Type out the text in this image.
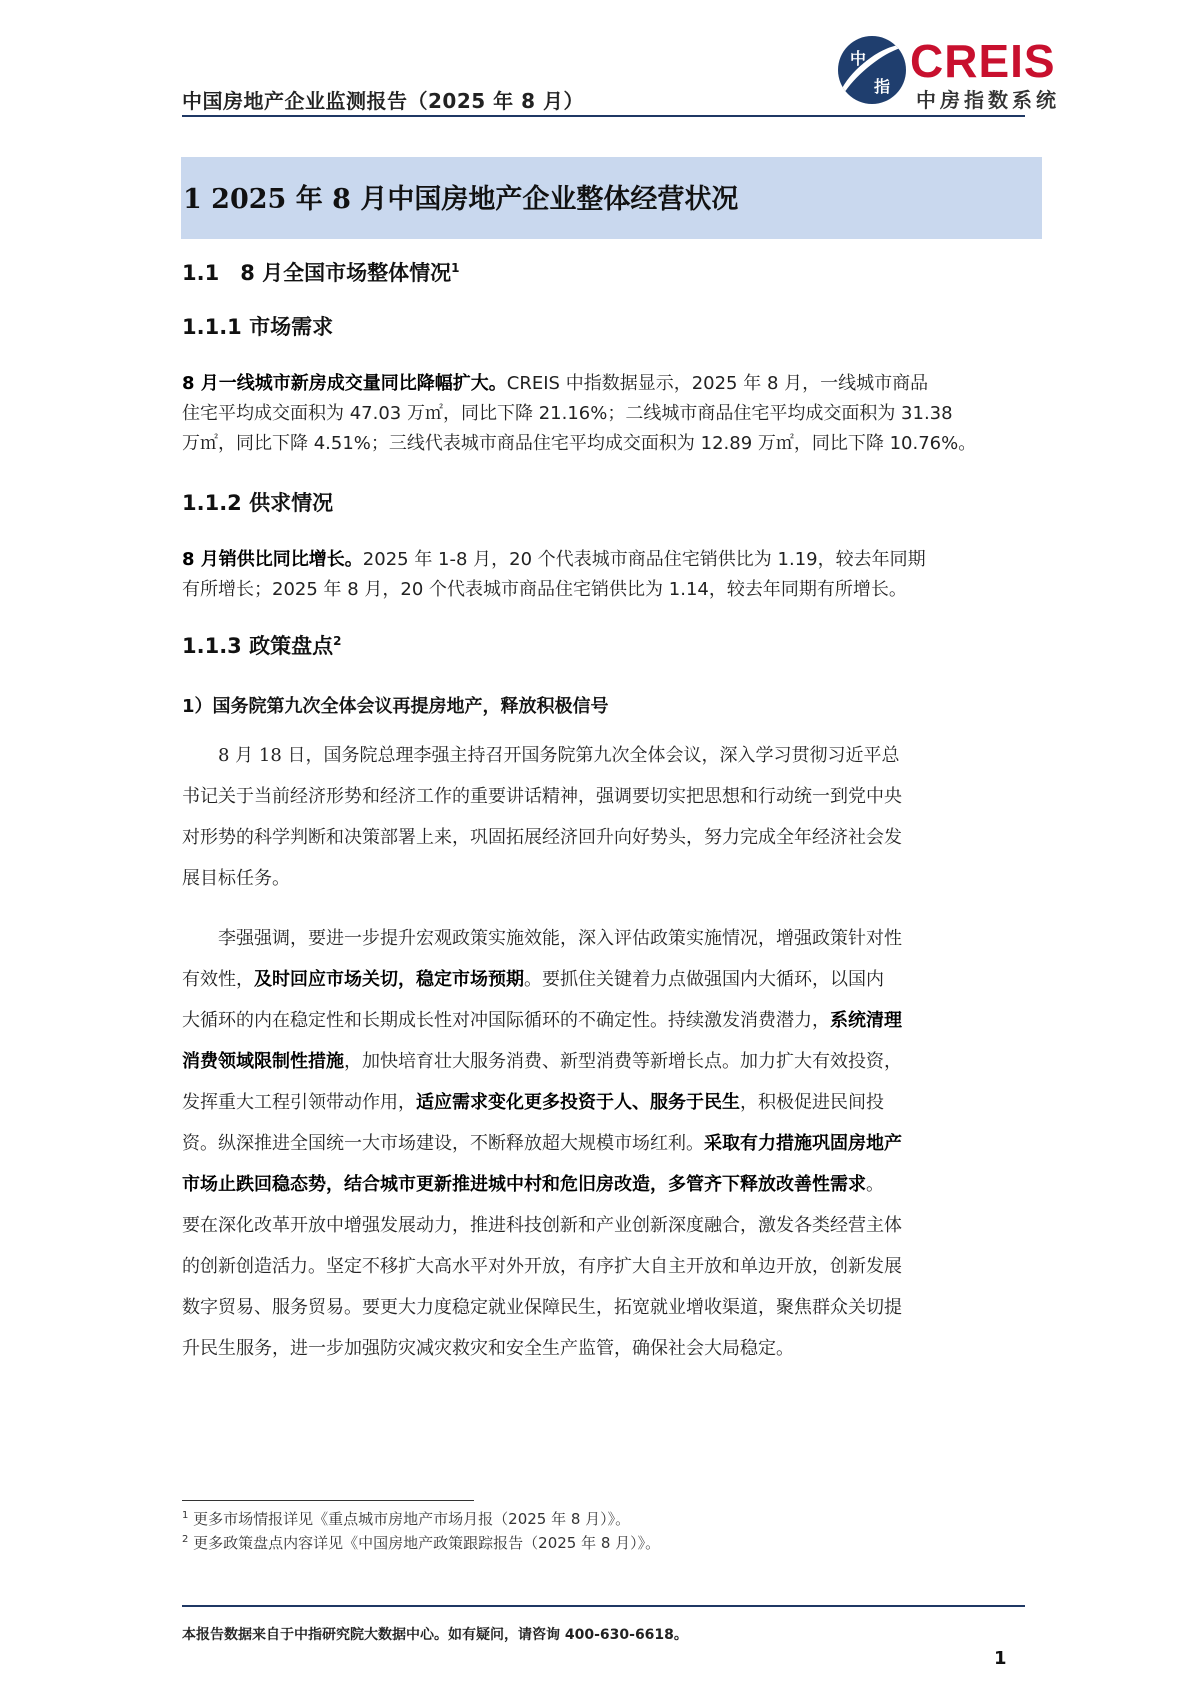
中国房地产企业监测报告（2025 年 8 月）
中
指 CREIS
中房指数系统
1 2025 年 8 月中国房地产企业整体经营状况
1.1　8 月全国市场整体情况$^1$
1.1.1 市场需求
8 月一线城市新房成交量同比降幅扩大。CREIS 中指数据显示，2025 年 8 月，一线城市商品
住宅平均成交面积为 47.03 万㎡，同比下降 21.16%；二线城市商品住宅平均成交面积为 31.38
万㎡，同比下降 4.51%；三线代表城市商品住宅平均成交面积为 12.89 万㎡，同比下降 10.76%。
1.1.2 供求情况
8 月销供比同比增长。2025 年 1-8 月，20 个代表城市商品住宅销供比为 1.19，较去年同期
有所增长；2025 年 8 月，20 个代表城市商品住宅销供比为 1.14，较去年同期有所增长。
1.1.3 政策盘点$^2$
1）国务院第九次全体会议再提房地产，释放积极信号
8 月 18 日，国务院总理李强主持召开国务院第九次全体会议，深入学习贯彻习近平总
书记关于当前经济形势和经济工作的重要讲话精神，强调要切实把思想和行动统一到党中央
对形势的科学判断和决策部署上来，巩固拓展经济回升向好势头，努力完成全年经济社会发
展目标任务。
李强强调，要进一步提升宏观政策实施效能，深入评估政策实施情况，增强政策针对性
有效性，及时回应市场关切，稳定市场预期。要抓住关键着力点做强国内大循环，以国内
大循环的内在稳定性和长期成长性对冲国际循环的不确定性。持续激发消费潜力，系统清理
消费领域限制性措施，加快培育壮大服务消费、新型消费等新增长点。加力扩大有效投资，
发挥重大工程引领带动作用，适应需求变化更多投资于人、服务于民生，积极促进民间投
资。纵深推进全国统一大市场建设，不断释放超大规模市场红利。采取有力措施巩固房地产
市场止跌回稳态势，结合城市更新推进城中村和危旧房改造，多管齐下释放改善性需求。
要在深化改革开放中增强发展动力，推进科技创新和产业创新深度融合，激发各类经营主体
的创新创造活力。坚定不移扩大高水平对外开放，有序扩大自主开放和单边开放，创新发展
数字贸易、服务贸易。要更大力度稳定就业保障民生，拓宽就业增收渠道，聚焦群众关切提
升民生服务，进一步加强防灾减灾救灾和安全生产监管，确保社会大局稳定。
$^1$ 更多市场情报详见《重点城市房地产市场月报（2025 年 8 月）》。
$^2$ 更多政策盘点内容详见《中国房地产政策跟踪报告（2025 年 8 月）》。
本报告数据来自于中指研究院大数据中心。如有疑问，请咨询 400-630-6618。
1
